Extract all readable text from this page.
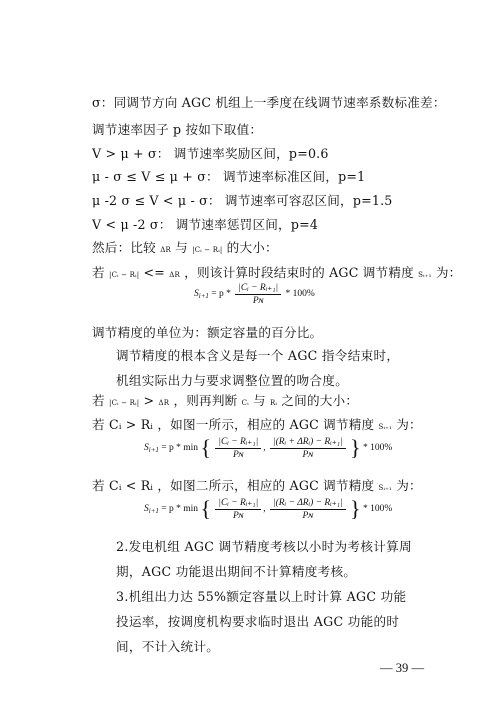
σ：同调节方向 AGC 机组上一季度在线调节速率系数标准差：
调节速率因子 p 按如下取值：
V > μ + σ： 调节速率奖励区间，p=0.6
μ - σ ≤ V ≤ μ + σ： 调节速率标准区间，p=1
μ -2 σ ≤ V < μ - σ： 调节速率可容忍区间，p=1.5
V < μ -2 σ： 调节速率惩罚区间，p=4
然后：比较 ΔR 与 |Cᵢ − Rᵢ| 的大小：
若 |Cᵢ − Rᵢ| <= ΔR ，则该计算时段结束时的 AGC 调节精度 Sᵢ₊₁ 为：
$S_{i+1} = p * \frac{\text{|Cᵢ − Rᵢ₊₁|}}{\text{Pɴ}} * 100\%$
调节精度的单位为：额定容量的百分比。
调节精度的根本含义是每一个 AGC 指令结束时，机组实际出力与要求调整位置的吻合度。
若 |Cᵢ − Rᵢ| > ΔR ，则再判断 Cᵢ 与 Rᵢ 之间的大小：
若 Cᵢ > Rᵢ ，如图一所示，相应的 AGC 调节精度 Sᵢ₊₁ 为：
$S_{i+1} = p * \min$ { $\frac{\text{|Cᵢ − Rᵢ₊₁|}}{\text{Pɴ}}$ , $\frac{\text{|(Rᵢ + ΔRᵢ) − Rᵢ₊₁|}}{\text{Pɴ}}$ } * 100%
若 Cᵢ < Rᵢ ，如图二所示，相应的 AGC 调节精度 Sᵢ₊₁ 为：
$S_{i+1} = p * \min$ { $\frac{\text{|Cᵢ − Rᵢ₊₁|}}{\text{Pɴ}}$ , $\frac{\text{|(Rᵢ − ΔRᵢ) − Rᵢ₊₁|}}{\text{Pɴ}}$ } * 100%
2.发电机组 AGC 调节精度考核以小时为考核计算周期，AGC 功能退出期间不计算精度考核。
3.机组出力达 55%额定容量以上时计算 AGC 功能投运率，按调度机构要求临时退出 AGC 功能的时间，不计入统计。
— 39 —
